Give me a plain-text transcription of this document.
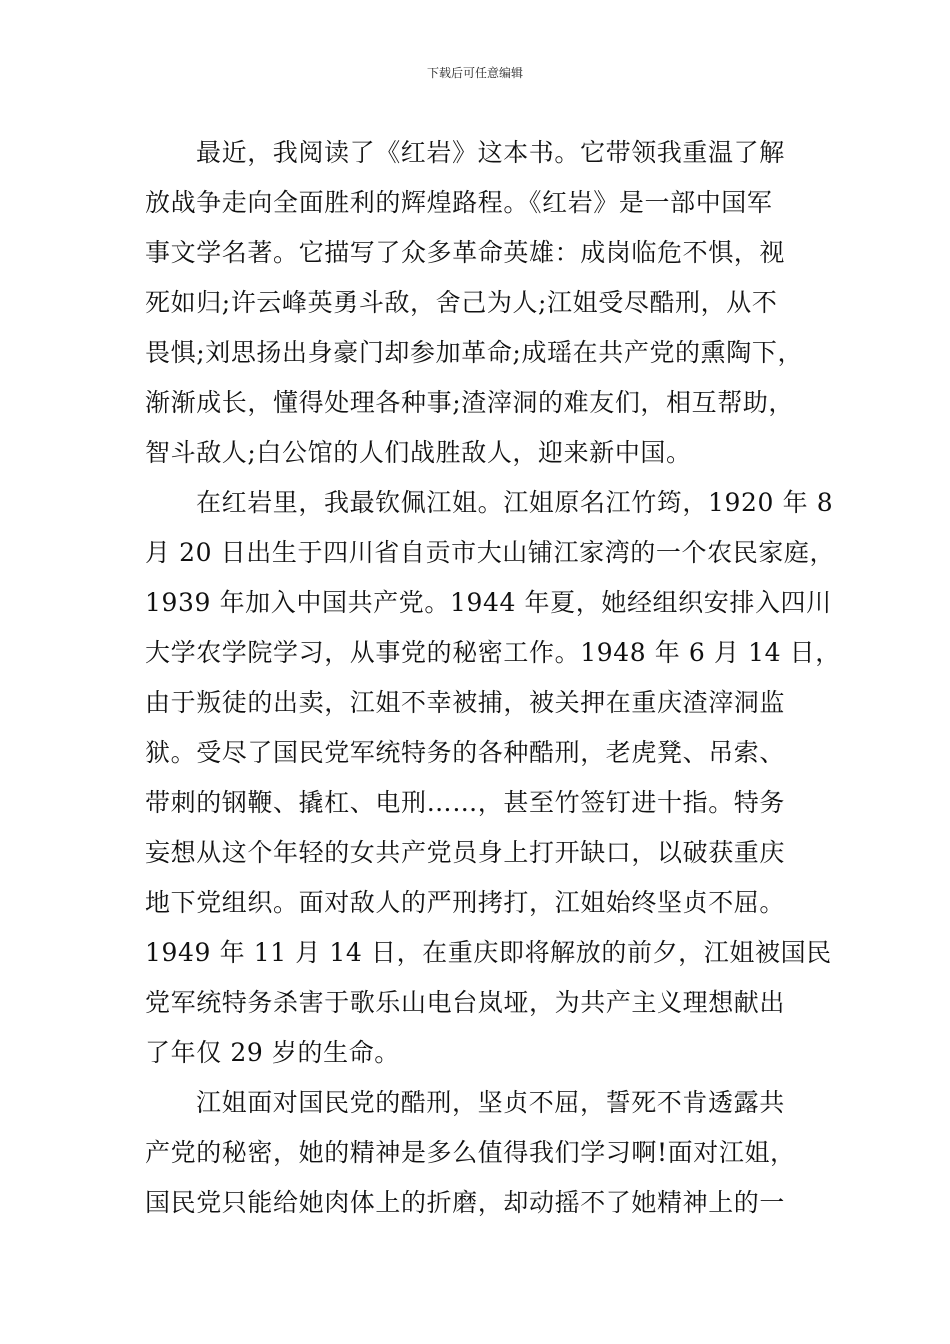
下载后可任意编辑
最近，我阅读了《红岩》这本书。它带领我重温了解
放战争走向全面胜利的辉煌路程。《红岩》是一部中国军
事文学名著。它描写了众多革命英雄：成岗临危不惧，视
死如归;许云峰英勇斗敌，舍己为人;江姐受尽酷刑，从不
畏惧;刘思扬出身豪门却参加革命;成瑶在共产党的熏陶下，
渐渐成长，懂得处理各种事;渣滓洞的难友们，相互帮助，
智斗敌人;白公馆的人们战胜敌人，迎来新中国。
在红岩里，我最钦佩江姐。江姐原名江竹筠，1920 年 8
月 20 日出生于四川省自贡市大山铺江家湾的一个农民家庭，
1939 年加入中国共产党。1944 年夏，她经组织安排入四川
大学农学院学习，从事党的秘密工作。1948 年 6 月 14 日，
由于叛徒的出卖，江姐不幸被捕，被关押在重庆渣滓洞监
狱。受尽了国民党军统特务的各种酷刑，老虎凳、吊索、
带刺的钢鞭、撬杠、电刑……，甚至竹签钉进十指。特务
妄想从这个年轻的女共产党员身上打开缺口，以破获重庆
地下党组织。面对敌人的严刑拷打，江姐始终坚贞不屈。
1949 年 11 月 14 日，在重庆即将解放的前夕，江姐被国民
党军统特务杀害于歌乐山电台岚垭，为共产主义理想献出
了年仅 29 岁的生命。
江姐面对国民党的酷刑，坚贞不屈，誓死不肯透露共
产党的秘密，她的精神是多么值得我们学习啊!面对江姐，
国民党只能给她肉体上的折磨，却动摇不了她精神上的一
